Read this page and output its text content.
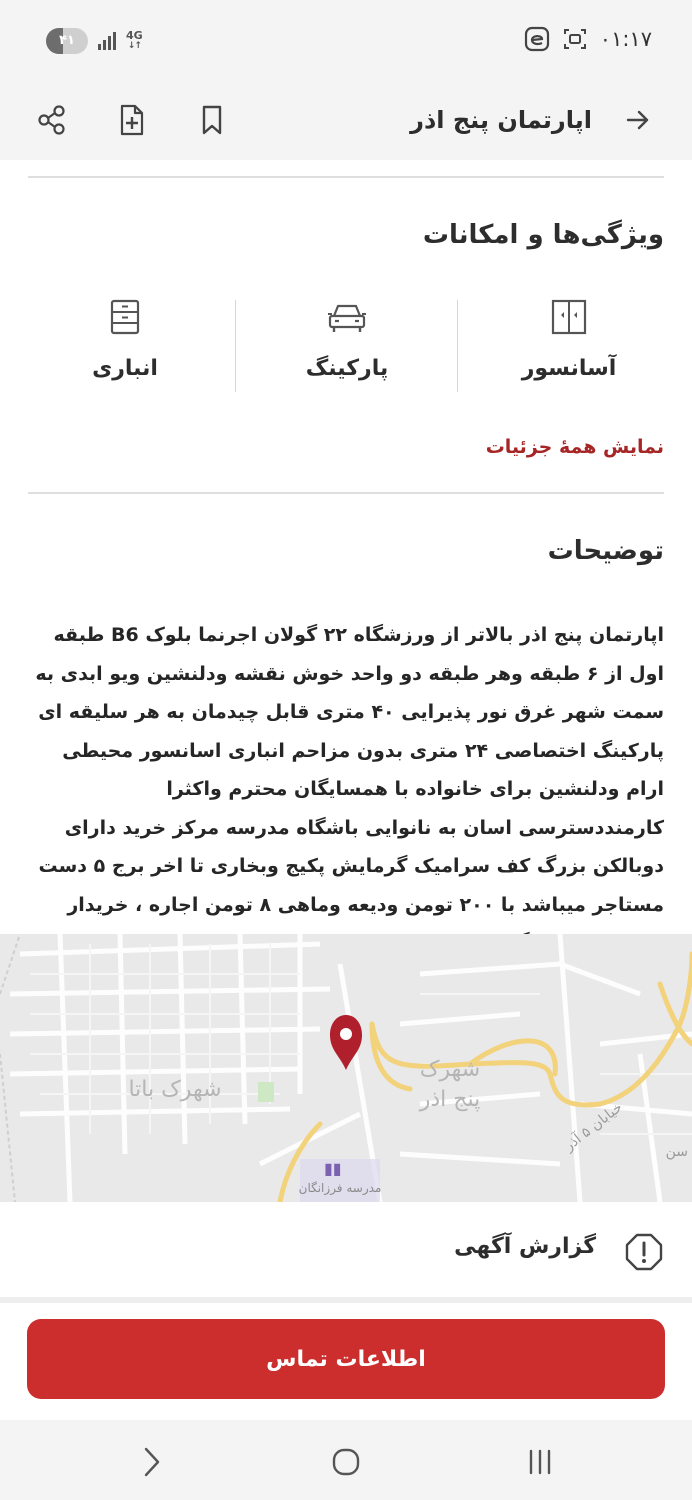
۴۱	4G
↓↑	۰۱:۱۷
اپارتمان پنج اذر
ویژگی‌ها و امکانات
آسانسور
پارکینگ
انباری
نمایش همهٔ جزئیات
توضیحات
اپارتمان پنج اذر بالاتر از ورزشگاه ۲۲ گولان اجرنما بلوک B6 طبقه اول از ۶ طبقه وهر طبقه دو واحد خوش نقشه ودلنشین ویو ابدی به سمت شهر غرق نور پذیرایی ۴۰ متری قابل چیدمان به هر سلیقه ای پارکینگ اختصاصی ۲۴ متری بدون مزاحم انباری اسانسور محیطی ارام ودلنشین برای خانواده با همسایگان محترم واکثرا کارمنددسترسی اسان به نانوایی باشگاه مدرسه مرکز خرید دارای دوبالکن بزرگ کف سرامیک گرمایش پکیج وبخاری تا اخر برج ۵ دست مستاجر میباشد با ۲۰۰ تومن ودیعه وماهی ۸ تومن اجاره ، خریدار
▮▮
شهرک باتا
شهرک
پنج اذر
خیابان ۵ آذر
مدرسه فرزانگان
سن
گزارش آگهی
اطلاعات تماس
